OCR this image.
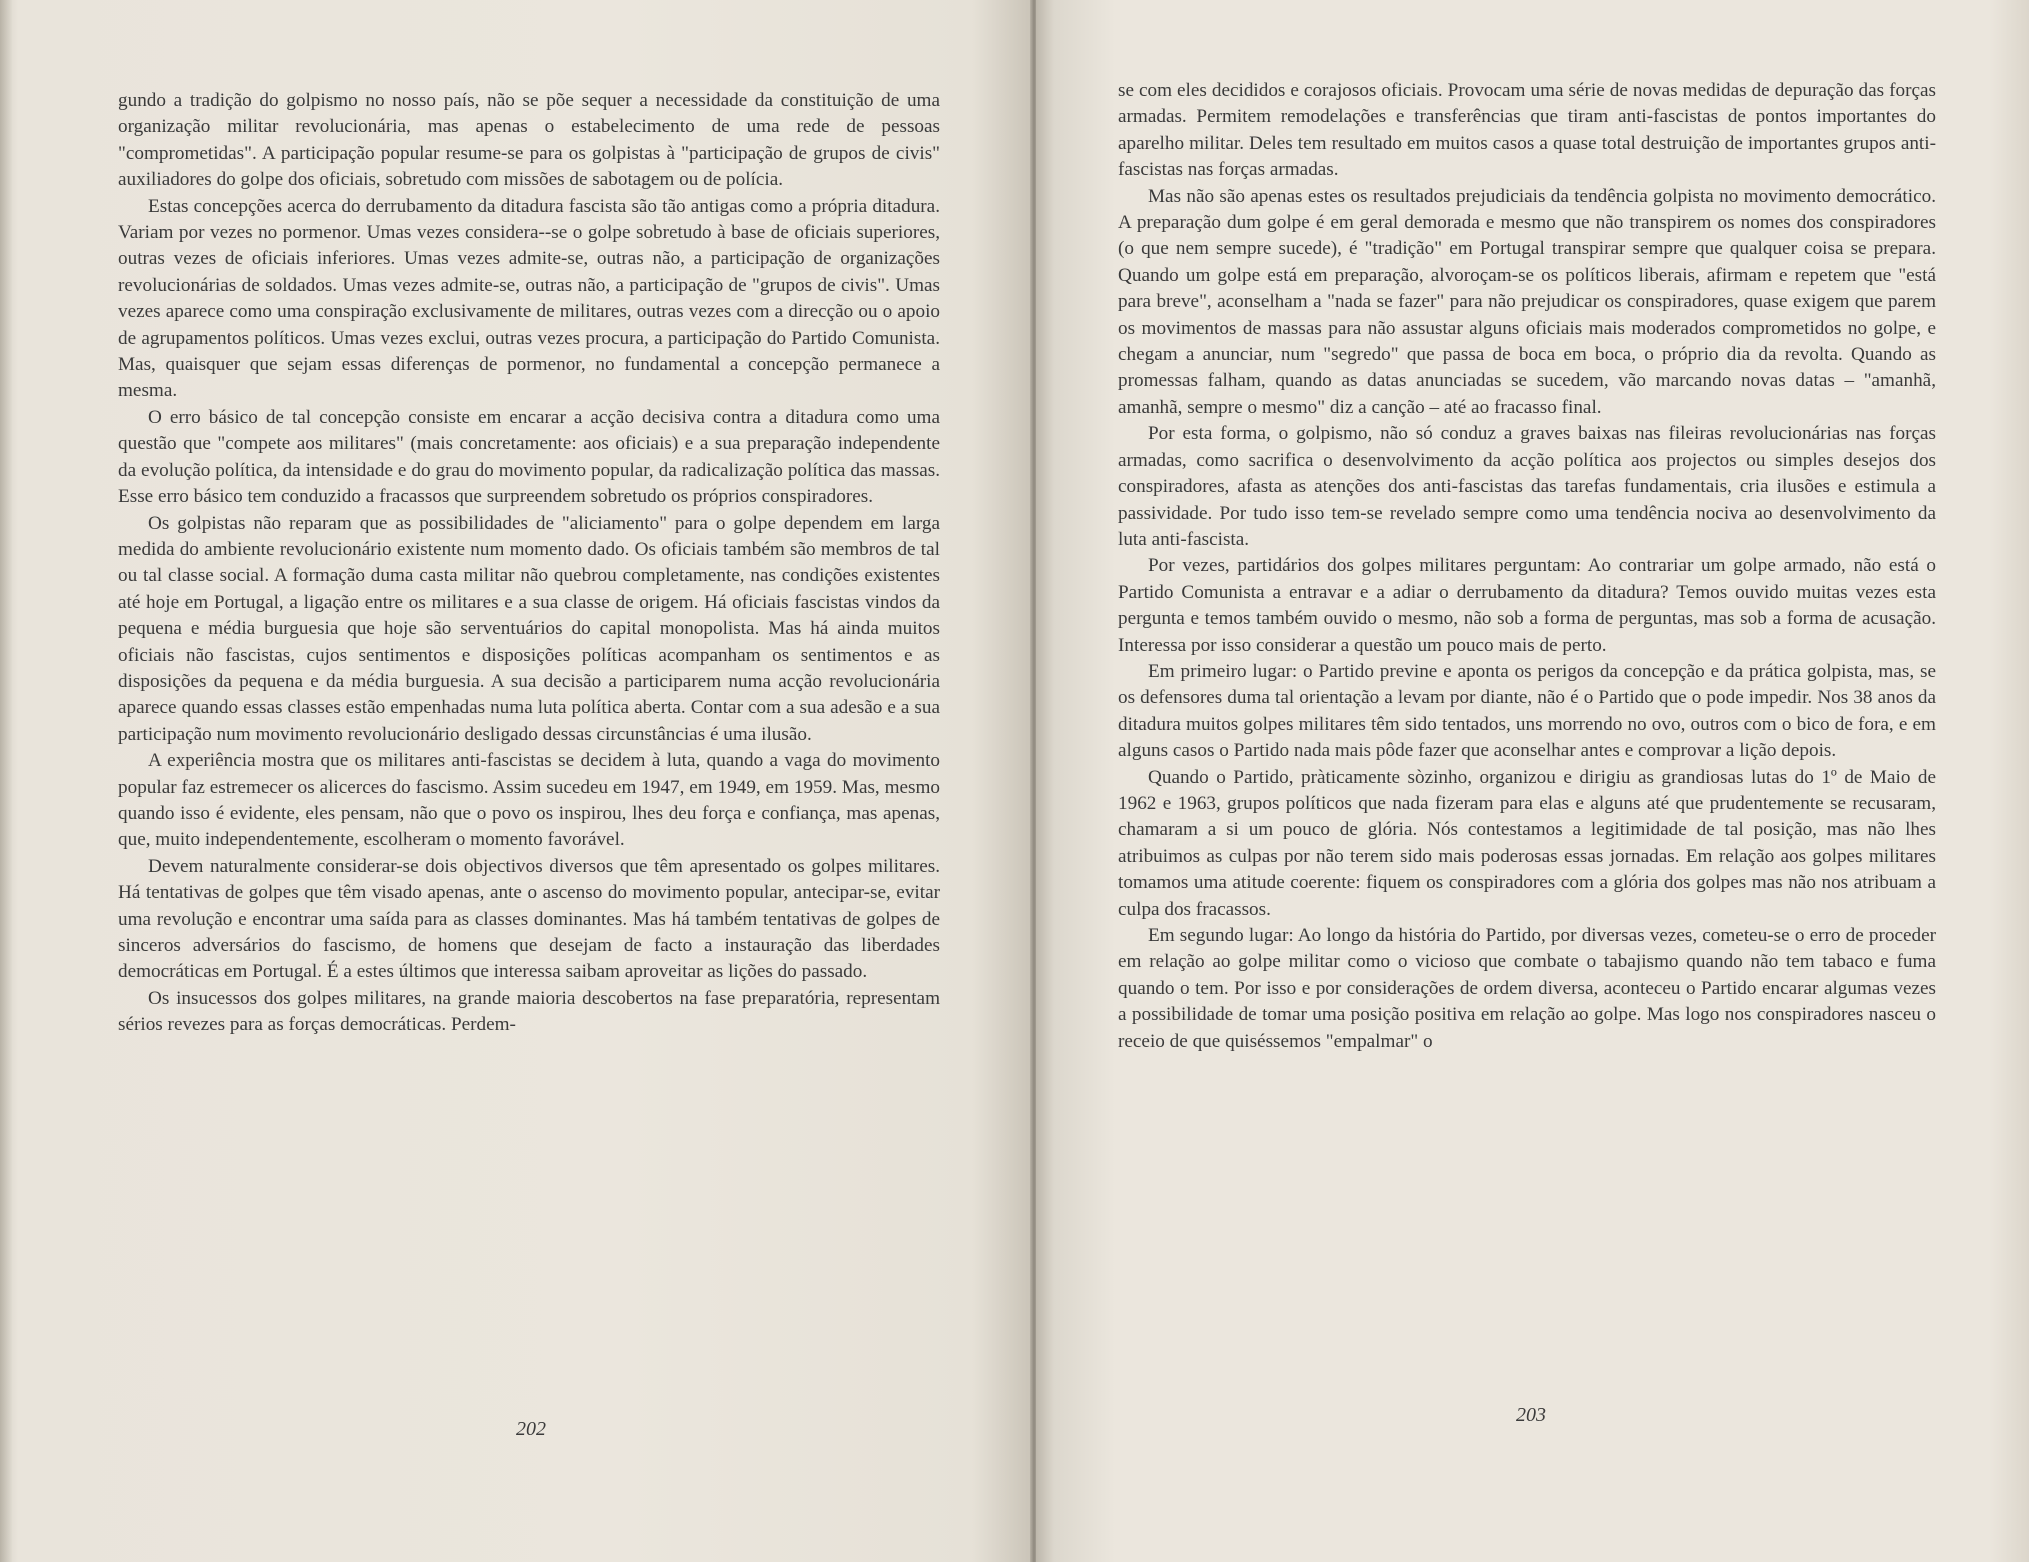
gundo a tradição do golpismo no nosso país, não se põe sequer a necessidade da constituição de uma organização militar revolucionária, mas apenas o estabelecimento de uma rede de pessoas "comprometidas". A participação popular resume-se para os golpistas à "participação de grupos de civis" auxiliadores do golpe dos oficiais, sobretudo com missões de sabotagem ou de polícia.

Estas concepções acerca do derrubamento da ditadura fascista são tão antigas como a própria ditadura. Variam por vezes no pormenor. Umas vezes considera--se o golpe sobretudo à base de oficiais superiores, outras vezes de oficiais inferiores. Umas vezes admite-se, outras não, a participação de organizações revolucionárias de soldados. Umas vezes admite-se, outras não, a participação de "grupos de civis". Umas vezes aparece como uma conspiração exclusivamente de militares, outras vezes com a direcção ou o apoio de agrupamentos políticos. Umas vezes exclui, outras vezes procura, a participação do Partido Comunista. Mas, quaisquer que sejam essas diferenças de pormenor, no fundamental a concepção permanece a mesma.

O erro básico de tal concepção consiste em encarar a acção decisiva contra a ditadura como uma questão que "compete aos militares" (mais concretamente: aos oficiais) e a sua preparação independente da evolução política, da intensidade e do grau do movimento popular, da radicalização política das massas. Esse erro básico tem conduzido a fracassos que surpreendem sobretudo os próprios conspiradores.

Os golpistas não reparam que as possibilidades de "aliciamento" para o golpe dependem em larga medida do ambiente revolucionário existente num momento dado. Os oficiais também são membros de tal ou tal classe social. A formação duma casta militar não quebrou completamente, nas condições existentes até hoje em Portugal, a ligação entre os militares e a sua classe de origem. Há oficiais fascistas vindos da pequena e média burguesia que hoje são serventuários do capital monopolista. Mas há ainda muitos oficiais não fascistas, cujos sentimentos e disposições políticas acompanham os sentimentos e as disposições da pequena e da média burguesia. A sua decisão a participarem numa acção revolucionária aparece quando essas classes estão empenhadas numa luta política aberta. Contar com a sua adesão e a sua participação num movimento revolucionário desligado dessas circunstâncias é uma ilusão.

A experiência mostra que os militares anti-fascistas se decidem à luta, quando a vaga do movimento popular faz estremecer os alicerces do fascismo. Assim sucedeu em 1947, em 1949, em 1959. Mas, mesmo quando isso é evidente, eles pensam, não que o povo os inspirou, lhes deu força e confiança, mas apenas, que, muito independentemente, escolheram o momento favorável.

Devem naturalmente considerar-se dois objectivos diversos que têm apresentado os golpes militares. Há tentativas de golpes que têm visado apenas, ante o ascenso do movimento popular, antecipar-se, evitar uma revolução e encontrar uma saída para as classes dominantes. Mas há também tentativas de golpes de sinceros adversários do fascismo, de homens que desejam de facto a instauração das liberdades democráticas em Portugal. É a estes últimos que interessa saibam aproveitar as lições do passado.

Os insucessos dos golpes militares, na grande maioria descobertos na fase preparatória, representam sérios revezes para as forças democráticas. Perdem-

202

se com eles decididos e corajosos oficiais. Provocam uma série de novas medidas de depuração das forças armadas. Permitem remodelações e transferências que tiram anti-fascistas de pontos importantes do aparelho militar. Deles tem resultado em muitos casos a quase total destruição de importantes grupos anti-fascistas nas forças armadas.

Mas não são apenas estes os resultados prejudiciais da tendência golpista no movimento democrático. A preparação dum golpe é em geral demorada e mesmo que não transpirem os nomes dos conspiradores (o que nem sempre sucede), é "tradição" em Portugal transpirar sempre que qualquer coisa se prepara. Quando um golpe está em preparação, alvoroçam-se os políticos liberais, afirmam e repetem que "está para breve", aconselham a "nada se fazer" para não prejudicar os conspiradores, quase exigem que parem os movimentos de massas para não assustar alguns oficiais mais moderados comprometidos no golpe, e chegam a anunciar, num "segredo" que passa de boca em boca, o próprio dia da revolta. Quando as promessas falham, quando as datas anunciadas se sucedem, vão marcando novas datas – "amanhã, amanhã, sempre o mesmo" diz a canção – até ao fracasso final.

Por esta forma, o golpismo, não só conduz a graves baixas nas fileiras revolucionárias nas forças armadas, como sacrifica o desenvolvimento da acção política aos projectos ou simples desejos dos conspiradores, afasta as atenções dos anti-fascistas das tarefas fundamentais, cria ilusões e estimula a passividade. Por tudo isso tem-se revelado sempre como uma tendência nociva ao desenvolvimento da luta anti-fascista.

Por vezes, partidários dos golpes militares perguntam: Ao contrariar um golpe armado, não está o Partido Comunista a entravar e a adiar o derrubamento da ditadura? Temos ouvido muitas vezes esta pergunta e temos também ouvido o mesmo, não sob a forma de perguntas, mas sob a forma de acusação. Interessa por isso considerar a questão um pouco mais de perto.

Em primeiro lugar: o Partido previne e aponta os perigos da concepção e da prática golpista, mas, se os defensores duma tal orientação a levam por diante, não é o Partido que o pode impedir. Nos 38 anos da ditadura muitos golpes militares têm sido tentados, uns morrendo no ovo, outros com o bico de fora, e em alguns casos o Partido nada mais pôde fazer que aconselhar antes e comprovar a lição depois.

Quando o Partido, pràticamente sòzinho, organizou e dirigiu as grandiosas lutas do 1º de Maio de 1962 e 1963, grupos políticos que nada fizeram para elas e alguns até que prudentemente se recusaram, chamaram a si um pouco de glória. Nós contestamos a legitimidade de tal posição, mas não lhes atribuimos as culpas por não terem sido mais poderosas essas jornadas. Em relação aos golpes militares tomamos uma atitude coerente: fiquem os conspiradores com a glória dos golpes mas não nos atribuam a culpa dos fracassos.

Em segundo lugar: Ao longo da história do Partido, por diversas vezes, cometeu-se o erro de proceder em relação ao golpe militar como o vicioso que combate o tabajismo quando não tem tabaco e fuma quando o tem. Por isso e por considerações de ordem diversa, aconteceu o Partido encarar algumas vezes a possibilidade de tomar uma posição positiva em relação ao golpe. Mas logo nos conspiradores nasceu o receio de que quiséssemos "empalmar" o

203
